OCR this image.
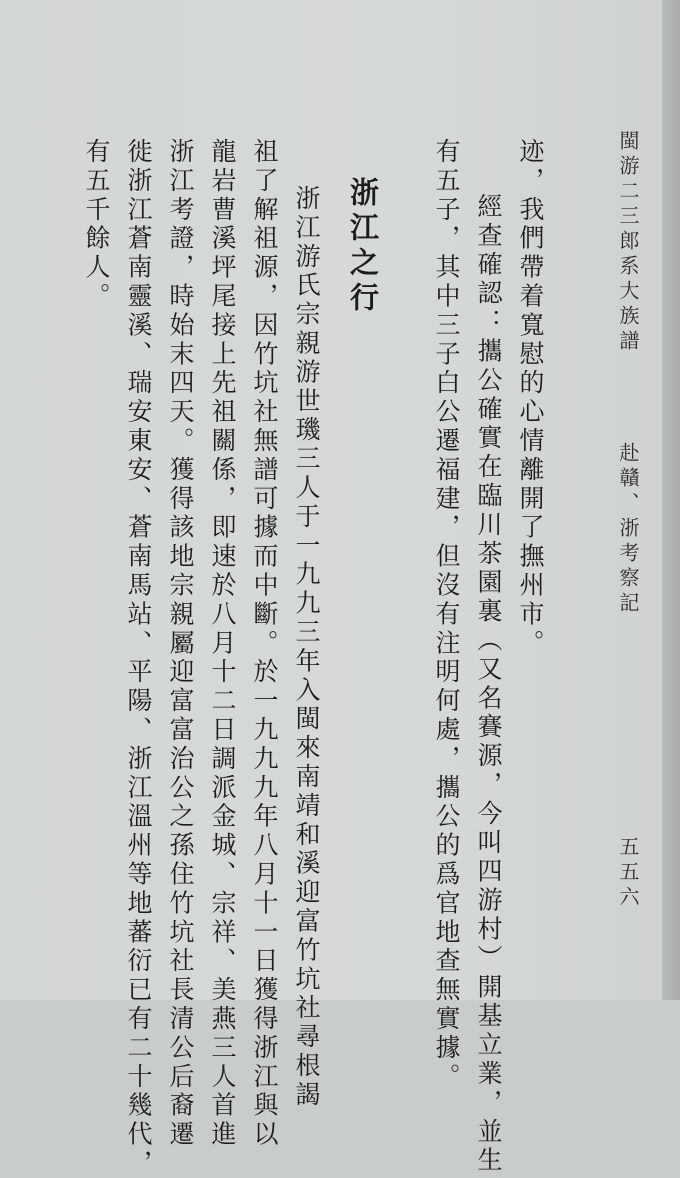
閩游二三郎系大族譜
赴贛、浙考察記
五五六
迹，我們帶着寬慰的心情離開了撫州市。
經查確認：攜公確實在臨川茶園裏（又名賽源，今叫四游村）開基立業，並生
有五子，其中三子白公遷福建，但沒有注明何處，攜公的爲官地查無實據。
浙江之行
浙江游氏宗親游世璣三人于一九九三年入閩來南靖和溪迎富竹坑社尋根謁
祖了解祖源，因竹坑社無譜可據而中斷。於一九九九年八月十一日獲得浙江與以
龍岩曹溪坪尾接上先祖關係，即速於八月十二日調派金城、宗祥、美燕三人首進
浙江考證，時始末四天。獲得該地宗親屬迎富富治公之孫住竹坑社長清公后裔遷
徙浙江蒼南靈溪、瑞安東安、蒼南馬站、平陽、浙江溫州等地蕃衍已有二十幾代，
有五千餘人。
